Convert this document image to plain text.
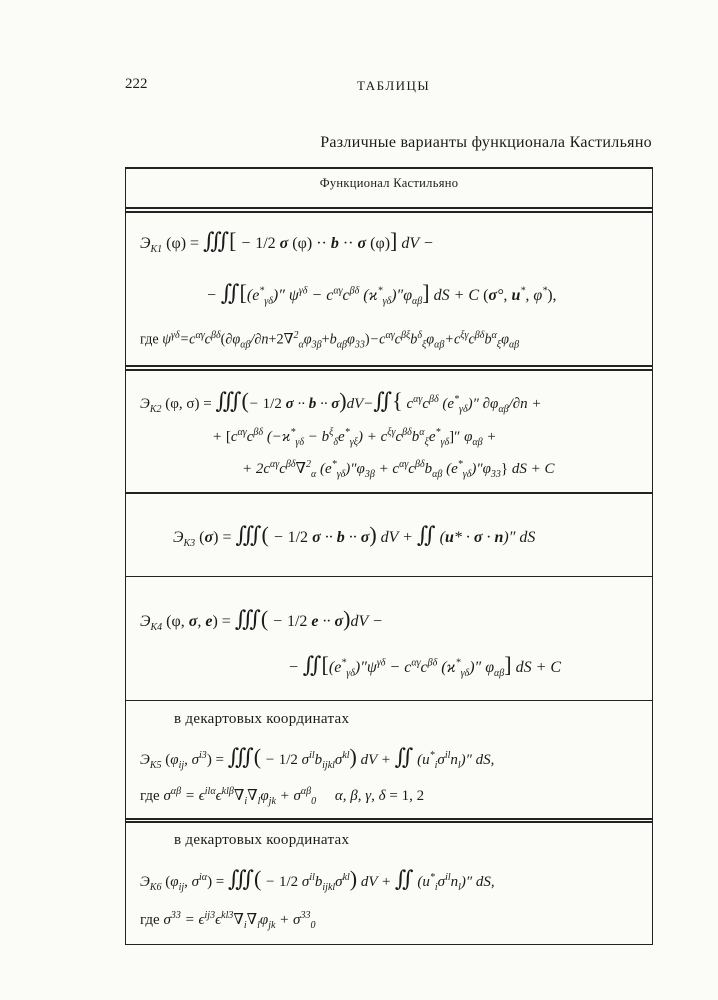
222	ТАБЛИЦЫ
Различные варианты функционала Кастильяно
Функционал Кастильяно
$Э_{K1}$ (φ) = ∭[ − 1/2 σ (φ) ·· b ·· σ (φ)] dV −
− $∬[(e^*_{\gamma\delta})''$ $\psi^{\gamma\delta} - c^{\alpha\gamma}c^{\beta\delta}$ $(ϰ^*_{\gamma\delta})''\varphi_{\alpha\beta}$] dS + C (σ°, u*, φ*),
где $\psi^{\gamma\delta}=c^{\alpha\gamma}c^{\beta\delta}(\partial\varphi_{\alpha\beta}/\partial n+2\nabla^2_\alpha\varphi_{3\beta}+b_{\alpha\beta}\varphi_{33})-c^{\alpha\gamma}c^{\beta\xi}b^\delta_\xi\varphi_{\alpha\beta}+c^{\xi\gamma}c^{\beta\delta}b^\alpha_\xi\varphi_{\alpha\beta}$
$Э_{K2}$ (φ, σ) = ∭(− 1/2 σ ·· b ·· σ)dV−∬{ $c^{\alpha\gamma}c^{\beta\delta}$ $(e^*_{\gamma\delta})''$ $\partial\varphi_{\alpha\beta}/\partial n$ +
+ [$c^{\alpha\gamma}c^{\beta\delta}$ $(-ϰ^*_{\gamma\delta} - b^\xi_\delta e^*_{\gamma\xi}) + c^{\xi\gamma}c^{\beta\delta}b^\alpha_\xi e^*_{\gamma\delta}]''$ $\varphi_{\alpha\beta}$ +
+ $2c^{\alpha\gamma}c^{\beta\delta}\nabla^2_\alpha$ $(e^*_{\gamma\delta})''\varphi_{3\beta} + c^{\alpha\gamma}c^{\beta\delta}b_{\alpha\beta}$ $(e^*_{\gamma\delta})''\varphi_{33}$} dS + C
$Э_{K3}$ (σ) = ∭( − 1/2 σ ·· b ·· σ) dV + ∬ (u* · σ · n)″ dS
$Э_{K4}$ (φ, σ, e) = ∭( − 1/2 e ·· σ)dV −
− $∬[(e^*_{\gamma\delta})''\psi^{\gamma\delta} - c^{\alpha\gamma}c^{\beta\delta}$ $(ϰ^*_{\gamma\delta})''$ $\varphi_{\alpha\beta}$] dS + C
в декартовых координатах
$Э_{K5}$ ($\varphi_{ij}$, $\sigma^{i3}$) = ∭( − 1/2 $\sigma^{il}b_{ijkl}\sigma^{kl}$) dV + ∬ $(u^*_i\sigma^{il}n_l)''$ dS,
где $\sigma^{\alpha\beta} = \epsilon^{il\alpha}\epsilon^{kl\beta}\nabla_i\nabla_l\varphi_{jk} + \sigma^{\alpha\beta}_0$     α, β, γ, δ = 1, 2
в декартовых координатах
$Э_{K6}$ ($\varphi_{ij}$, $\sigma^{i\alpha}$) = ∭( − 1/2 $\sigma^{il}b_{ijkl}\sigma^{kl}$) dV + ∬ $(u^*_i\sigma^{il}n_l)''$ dS,
где $\sigma^{33} = \epsilon^{ij3}\epsilon^{kl3}\nabla_i\nabla_l\varphi_{jk} + \sigma^{33}_0$
